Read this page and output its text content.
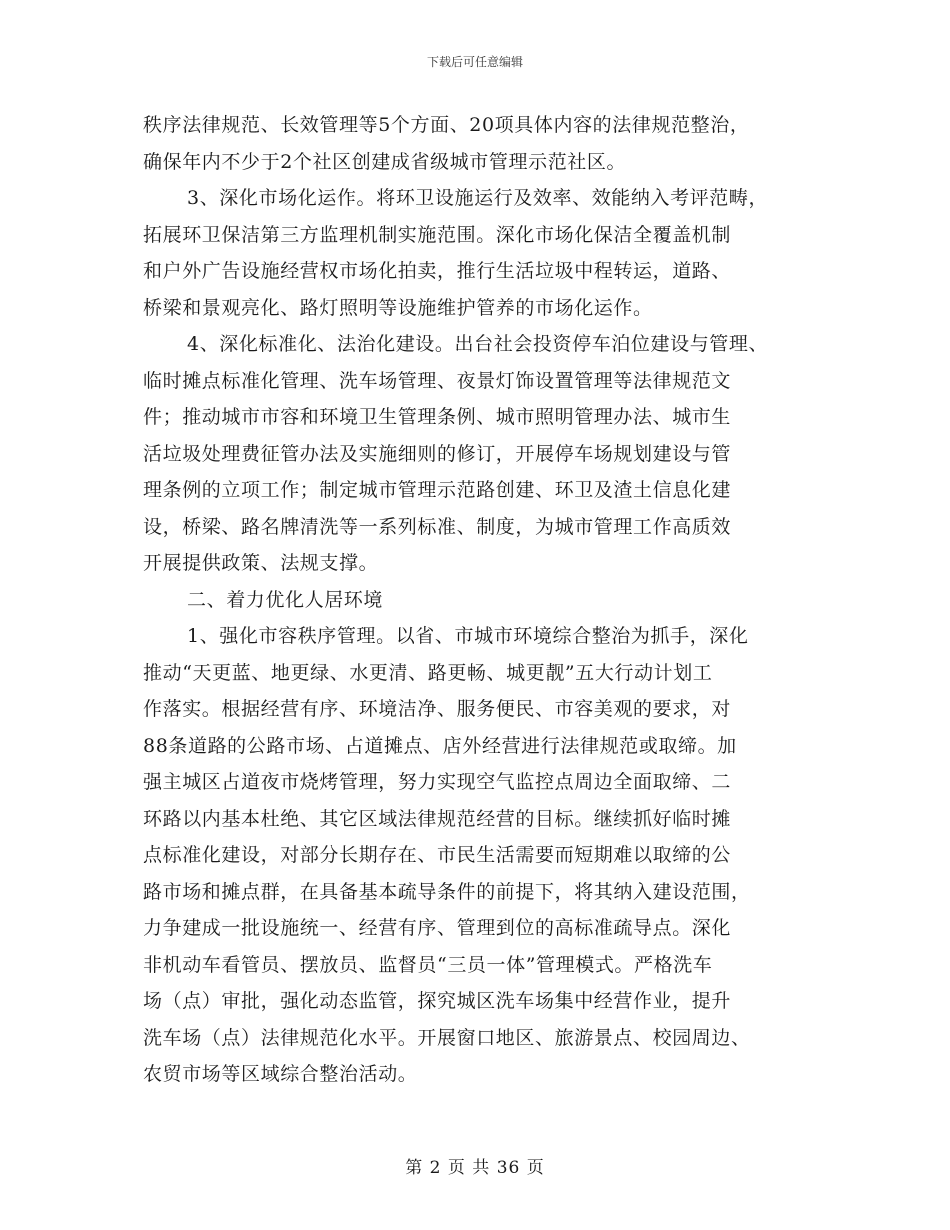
下载后可任意编辑
秩序法律规范、长效管理等5个方面、20项具体内容的法律规范整治，
确保年内不少于2个社区创建成省级城市管理示范社区。
3、深化市场化运作。将环卫设施运行及效率、效能纳入考评范畴，
拓展环卫保洁第三方监理机制实施范围。深化市场化保洁全覆盖机制
和户外广告设施经营权市场化拍卖，推行生活垃圾中程转运，道路、
桥梁和景观亮化、路灯照明等设施维护管养的市场化运作。
4、深化标准化、法治化建设。出台社会投资停车泊位建设与管理、
临时摊点标准化管理、洗车场管理、夜景灯饰设置管理等法律规范文
件；推动城市市容和环境卫生管理条例、城市照明管理办法、城市生
活垃圾处理费征管办法及实施细则的修订，开展停车场规划建设与管
理条例的立项工作；制定城市管理示范路创建、环卫及渣土信息化建
设，桥梁、路名牌清洗等一系列标准、制度，为城市管理工作高质效
开展提供政策、法规支撑。
二、着力优化人居环境
1、强化市容秩序管理。以省、市城市环境综合整治为抓手，深化
推动“天更蓝、地更绿、水更清、路更畅、城更靓”五大行动计划工
作落实。根据经营有序、环境洁净、服务便民、市容美观的要求，对
88条道路的公路市场、占道摊点、店外经营进行法律规范或取缔。加
强主城区占道夜市烧烤管理，努力实现空气监控点周边全面取缔、二
环路以内基本杜绝、其它区域法律规范经营的目标。继续抓好临时摊
点标准化建设，对部分长期存在、市民生活需要而短期难以取缔的公
路市场和摊点群，在具备基本疏导条件的前提下，将其纳入建设范围，
力争建成一批设施统一、经营有序、管理到位的高标准疏导点。深化
非机动车看管员、摆放员、监督员“三员一体”管理模式。严格洗车
场（点）审批，强化动态监管，探究城区洗车场集中经营作业，提升
洗车场（点）法律规范化水平。开展窗口地区、旅游景点、校园周边、
农贸市场等区域综合整治活动。
第 2 页 共 36 页
